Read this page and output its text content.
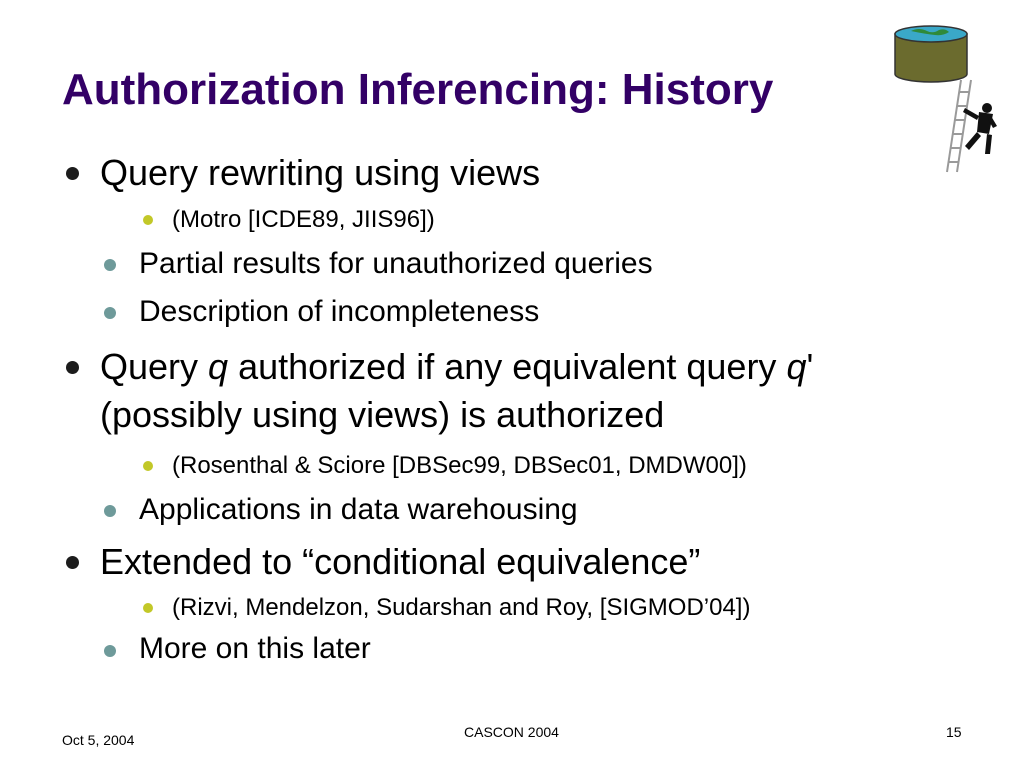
Authorization Inferencing: History
Query rewriting using views
(Motro [ICDE89, JIIS96])
Partial results for unauthorized queries
Description of incompleteness
Query q authorized if any equivalent query q'
(possibly using views) is authorized
(Rosenthal & Sciore [DBSec99, DBSec01, DMDW00])
Applications in data warehousing
Extended to “conditional equivalence”
(Rizvi, Mendelzon, Sudarshan and Roy, [SIGMOD’04])
More on this later
Oct 5, 2004	CASCON 2004	15
